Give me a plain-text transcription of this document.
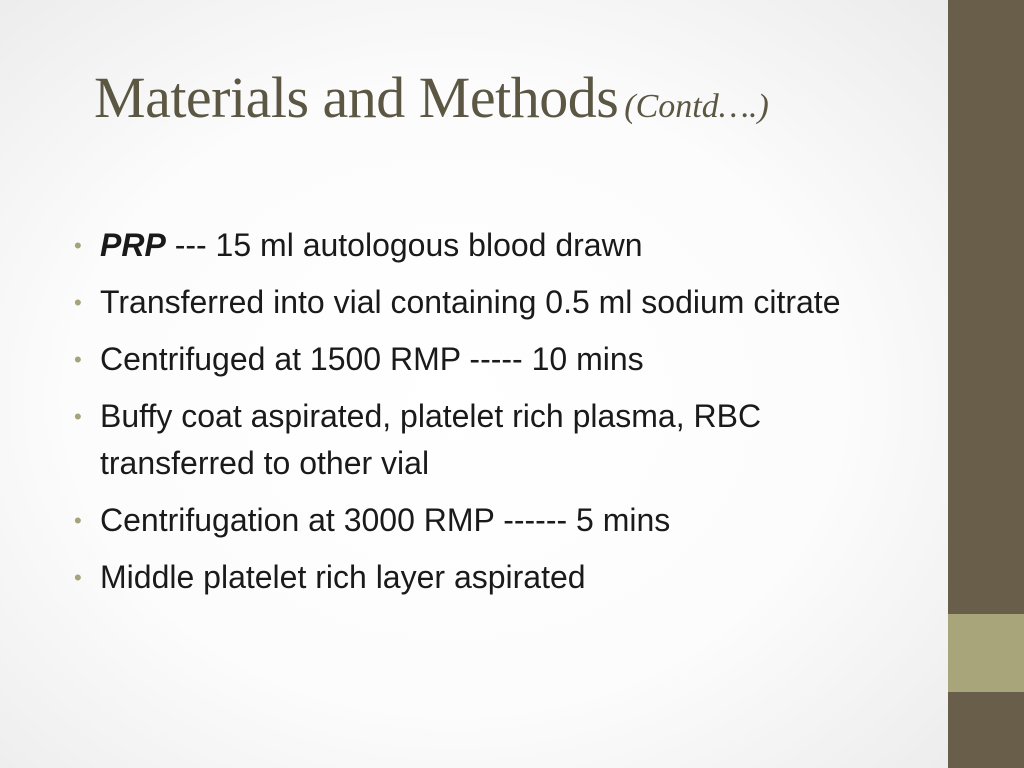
Materials and Methods (Contd….)
• PRP --- 15 ml autologous blood drawn
• Transferred into vial containing 0.5 ml sodium citrate
• Centrifuged at 1500 RMP ----- 10 mins
• Buffy coat aspirated, platelet rich plasma, RBC transferred to other vial
• Centrifugation at 3000 RMP ------ 5 mins
• Middle platelet rich layer aspirated
